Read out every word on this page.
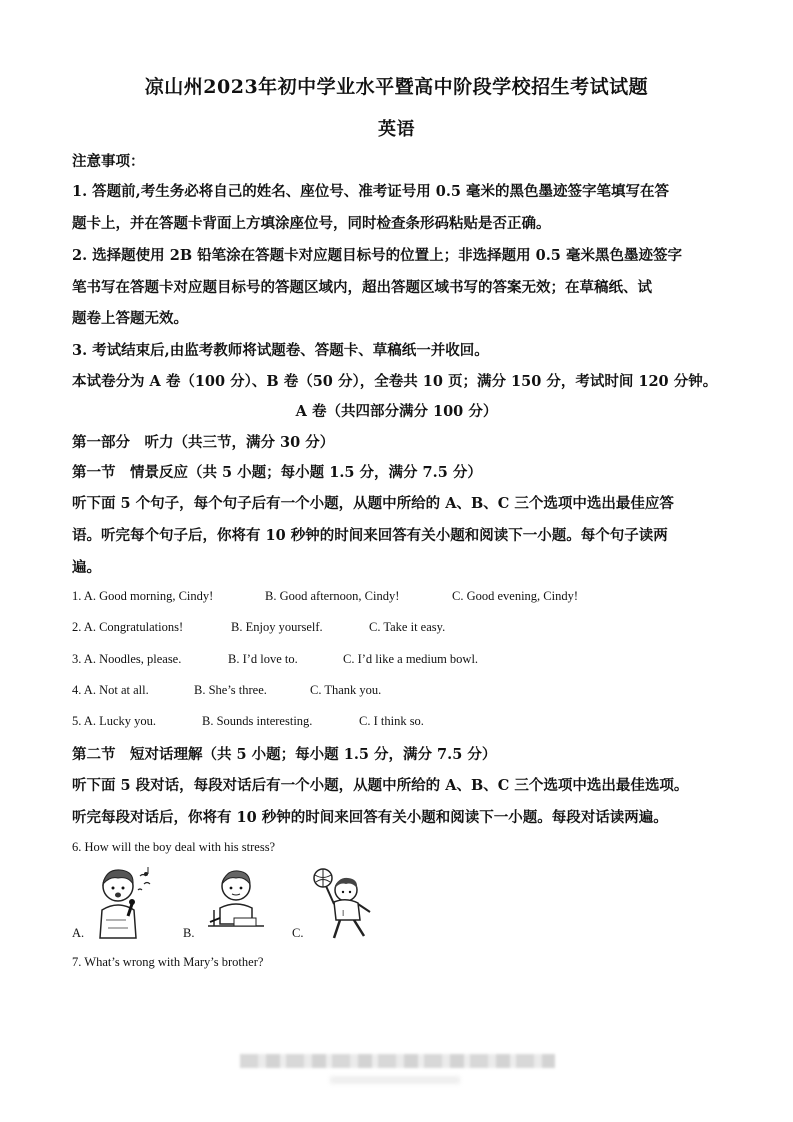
凉山州2023年初中学业水平暨高中阶段学校招生考试试题
英语
注意事项：
1. 答题前,考生务必将自己的姓名、座位号、准考证号用 0.5 毫米的黑色墨迹签字笔填写在答
题卡上，并在答题卡背面上方填涂座位号，同时检查条形码粘贴是否正确。
2. 选择题使用 2B 铅笔涂在答题卡对应题目标号的位置上；非选择题用 0.5 毫米黑色墨迹签字
笔书写在答题卡对应题目标号的答题区域内，超出答题区域书写的答案无效；在草稿纸、试
题卷上答题无效。
3. 考试结束后,由监考教师将试题卷、答题卡、草稿纸一并收回。
本试卷分为 A 卷（100 分）、B 卷（50 分），全卷共 10 页；满分 150 分，考试时间 120 分钟。
A 卷（共四部分满分 100 分）
第一部分　听力（共三节，满分 30 分）
第一节　情景反应（共 5 小题；每小题 1.5 分，满分 7.5 分）
听下面 5 个句子，每个句子后有一个小题，从题中所给的 A、B、C 三个选项中选出最佳应答
语。听完每个句子后，你将有 10 秒钟的时间来回答有关小题和阅读下一小题。每个句子读两
遍。
1. A. Good morning, Cindy!	B. Good afternoon, Cindy!	C. Good evening, Cindy!
2. A. Congratulations!	B. Enjoy yourself.	C. Take it easy.
3. A. Noodles, please.	B. I’d love to.	C. I’d like a medium bowl.
4. A. Not at all.	B. She’s three.	C. Thank you.
5. A. Lucky you.	B. Sounds interesting.	C. I think so.
第二节　短对话理解（共 5 小题；每小题 1.5 分，满分 7.5 分）
听下面 5 段对话，每段对话后有一个小题，从题中所给的 A、B、C 三个选项中选出最佳选项。
听完每段对话后，你将有 10 秒钟的时间来回答有关小题和阅读下一小题。每段对话读两遍。
6. How will the boy deal with his stress?
A.	B.
l
C.
7. What’s wrong with Mary’s brother?
